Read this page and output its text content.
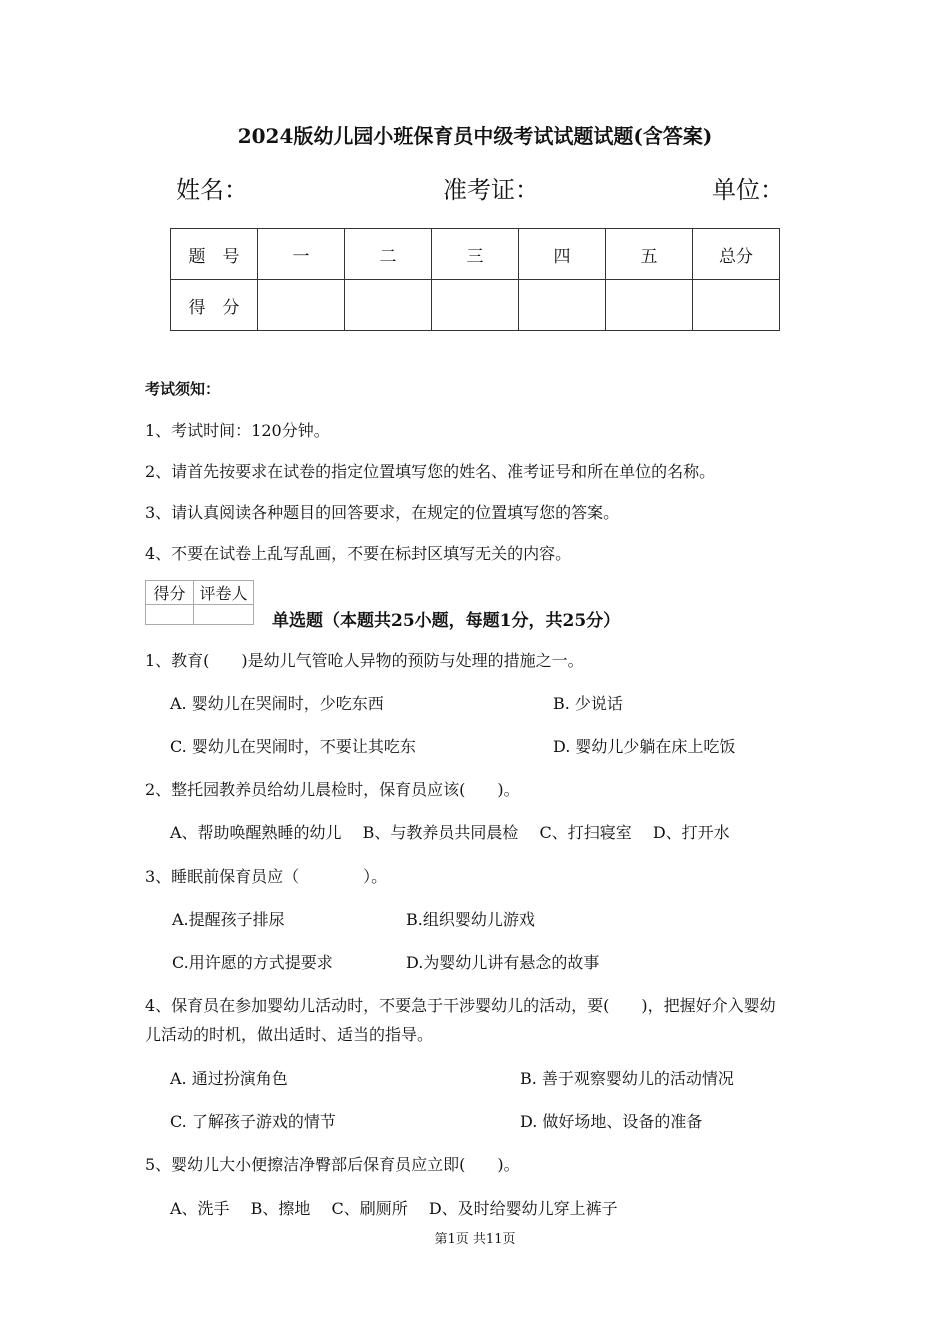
2024版幼儿园小班保育员中级考试试题试题(含答案)
姓名：	准考证：	单位：
题　号	一	二	三	四	五	总分
得　分						
考试须知：
1、考试时间：120分钟。
2、请首先按要求在试卷的指定位置填写您的姓名、准考证号和所在单位的名称。
3、请认真阅读各种题目的回答要求，在规定的位置填写您的答案。
4、不要在试卷上乱写乱画，不要在标封区填写无关的内容。
得分	评卷人

单选题（本题共25小题，每题1分，共25分）
1、教育(　　)是幼儿气管呛人异物的预防与处理的措施之一。
A. 婴幼儿在哭闹时，少吃东西	B. 少说话
C. 婴幼儿在哭闹时，不要让其吃东	D. 婴幼儿少躺在床上吃饭
2、整托园教养员给幼儿晨检时，保育员应该(　　)。
A、帮助唤醒熟睡的幼儿　 B、与教养员共同晨检　 C、打扫寝室　 D、打开水
3、睡眠前保育员应（　　　　）。
A.提醒孩子排尿	B.组织婴幼儿游戏
C.用许愿的方式提要求	D.为婴幼儿讲有悬念的故事
4、保育员在参加婴幼儿活动时，不要急于干涉婴幼儿的活动，要(　　)，把握好介入婴幼
儿活动的时机，做出适时、适当的指导。
A. 通过扮演角色	B. 善于观察婴幼儿的活动情况
C. 了解孩子游戏的情节	D. 做好场地、设备的准备
5、婴幼儿大小便擦洁净臀部后保育员应立即(　　)。
A、洗手　 B、擦地　 C、刷厕所　 D、及时给婴幼儿穿上裤子
第1页 共11页
